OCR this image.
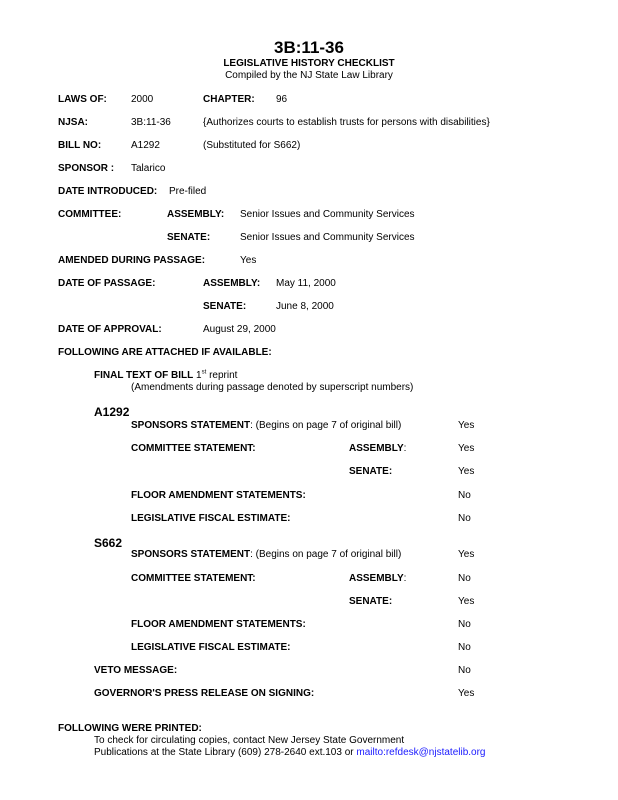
3B:11-36
LEGISLATIVE HISTORY CHECKLIST
Compiled by the NJ State Law Library
LAWS OF: 2000	CHAPTER: 96
NJSA:	3B:11-36	{Authorizes courts to establish trusts for persons with disabilities}
BILL NO:	A1292	(Substituted for S662)
SPONSOR : Talarico
DATE INTRODUCED: Pre-filed
COMMITTEE:	ASSEMBLY: Senior Issues and Community Services
SENATE:	Senior Issues and Community Services
AMENDED DURING PASSAGE:	Yes
DATE OF PASSAGE:	ASSEMBLY: May 11, 2000
SENATE:	June 8, 2000
DATE OF APPROVAL:	August 29, 2000
FOLLOWING ARE ATTACHED IF AVAILABLE:
FINAL TEXT OF BILL 1st reprint
(Amendments during passage denoted by superscript numbers)
A1292
SPONSORS STATEMENT: (Begins on page 7 of original bill)	Yes
COMMITTEE STATEMENT:	ASSEMBLY:	Yes
SENATE:	Yes
FLOOR AMENDMENT STATEMENTS:	No
LEGISLATIVE FISCAL ESTIMATE:	No
S662
SPONSORS STATEMENT: (Begins on page 7 of original bill)	Yes
COMMITTEE STATEMENT:	ASSEMBLY:	No
SENATE:	Yes
FLOOR AMENDMENT STATEMENTS:	No
LEGISLATIVE FISCAL ESTIMATE:	No
VETO MESSAGE:	No
GOVERNOR'S PRESS RELEASE ON SIGNING:	Yes
FOLLOWING WERE PRINTED:
To check for circulating copies, contact New Jersey State Government
Publications at the State Library (609) 278-2640 ext.103 or mailto:refdesk@njstatelib.org
